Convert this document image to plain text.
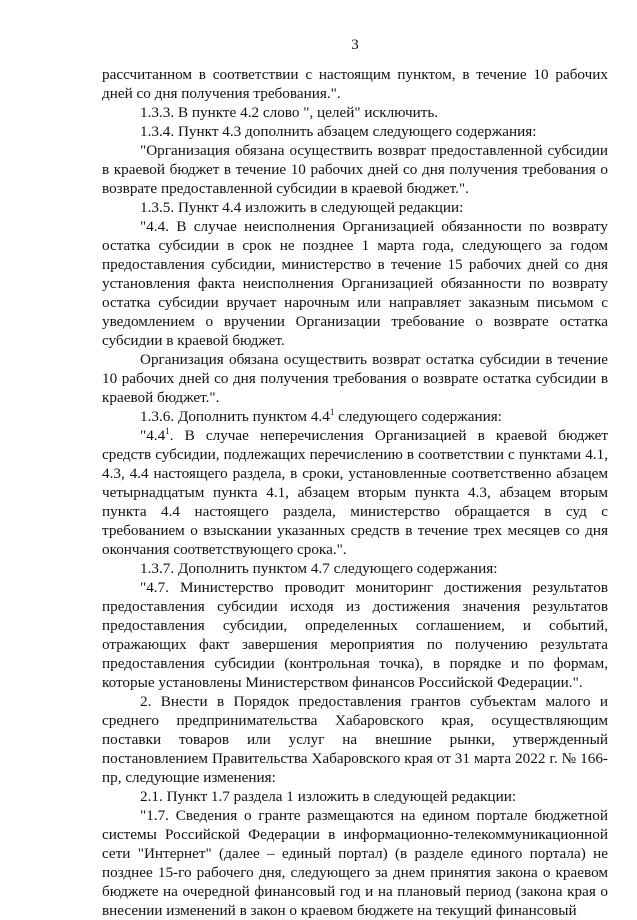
3

рассчитанном в соответствии с настоящим пунктом, в течение 10 рабочих дней со дня получения требования.".

1.3.3. В пункте 4.2 слово ", целей" исключить.

1.3.4. Пункт 4.3 дополнить абзацем следующего содержания:

"Организация обязана осуществить возврат предоставленной субсидии в краевой бюджет в течение 10 рабочих дней со дня получения требования о возврате предоставленной субсидии в краевой бюджет.".

1.3.5. Пункт 4.4 изложить в следующей редакции:

"4.4. В случае неисполнения Организацией обязанности по возврату остатка субсидии в срок не позднее 1 марта года, следующего за годом предоставления субсидии, министерство в течение 15 рабочих дней со дня установления факта неисполнения Организацией обязанности по возврату остатка субсидии вручает нарочным или направляет заказным письмом с уведомлением о вручении Организации требование о возврате остатка субсидии в краевой бюджет.

Организация обязана осуществить возврат остатка субсидии в течение 10 рабочих дней со дня получения требования о возврате остатка субсидии в краевой бюджет.".

1.3.6. Дополнить пунктом $4.4^1$ следующего содержания:

"$4.4^1$. В случае неперечисления Организацией в краевой бюджет средств субсидии, подлежащих перечислению в соответствии с пунктами 4.1, 4.3, 4.4 настоящего раздела, в сроки, установленные соответственно абзацем четырнадцатым пункта 4.1, абзацем вторым пункта 4.3, абзацем вторым пункта 4.4 настоящего раздела, министерство обращается в суд с требованием о взыскании указанных средств в течение трех месяцев со дня окончания соответствующего срока.".

1.3.7. Дополнить пунктом 4.7 следующего содержания:

"4.7. Министерство проводит мониторинг достижения результатов предоставления субсидии исходя из достижения значения результатов предоставления субсидии, определенных соглашением, и событий, отражающих факт завершения мероприятия по получению результата предоставления субсидии (контрольная точка), в порядке и по формам, которые установлены Министерством финансов Российской Федерации.".

2. Внести в Порядок предоставления грантов субъектам малого и среднего предпринимательства Хабаровского края, осуществляющим поставки товаров или услуг на внешние рынки, утвержденный постановлением Правительства Хабаровского края от 31 марта 2022 г. № 166-пр, следующие изменения:

2.1. Пункт 1.7 раздела 1 изложить в следующей редакции:

"1.7. Сведения о гранте размещаются на едином портале бюджетной системы Российской Федерации в информационно-телекоммуникационной сети "Интернет" (далее – единый портал) (в разделе единого портала) не позднее 15-го рабочего дня, следующего за днем принятия закона о краевом бюджете на очередной финансовый год и на плановый период (закона края о внесении изменений в закон о краевом бюджете на текущий финансовый
